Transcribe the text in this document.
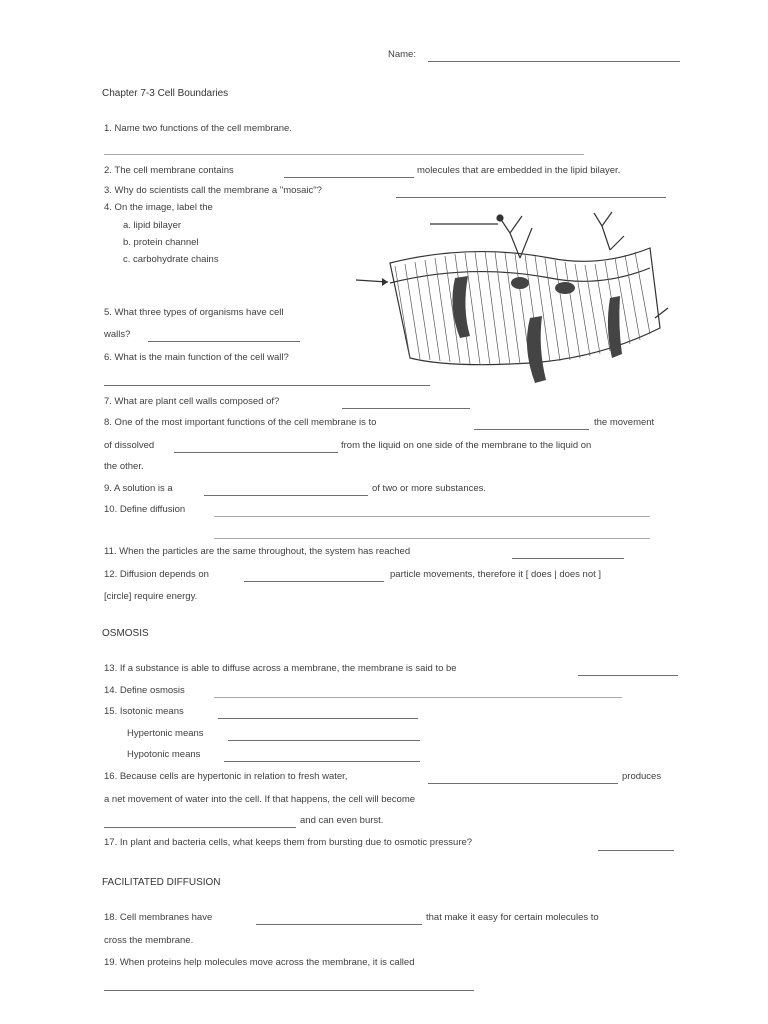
Name:
Chapter 7-3 Cell Boundaries
1. Name two functions of the cell membrane.
2. The cell membrane contains	molecules that are embedded in the lipid bilayer.
3. Why do scientists call the membrane a "mosaic"?
4. On the image, label the
a. lipid bilayer
b. protein channel
c. carbohydrate chains
5. What three types of organisms have cell
walls?
6. What is the main function of the cell wall?
7. What are plant cell walls composed of?
8. One of the most important functions of the cell membrane is to	the movement
of dissolved	from the liquid on one side of the membrane to the liquid on
the other.
9. A solution is a	of two or more substances.
10. Define diffusion
11. When the particles are the same throughout, the system has reached
12. Diffusion depends on	particle movements, therefore it [ does | does not ]
[circle] require energy.
OSMOSIS
13. If a substance is able to diffuse across a membrane, the membrane is said to be
14. Define osmosis
15. Isotonic means
Hypertonic means
Hypotonic means
16. Because cells are hypertonic in relation to fresh water,	produces
a net movement of water into the cell. If that happens, the cell will become
and can even burst.
17. In plant and bacteria cells, what keeps them from bursting due to osmotic pressure?
FACILITATED DIFFUSION
18. Cell membranes have	that make it easy for certain molecules to
cross the membrane.
19. When proteins help molecules move across the membrane, it is called
